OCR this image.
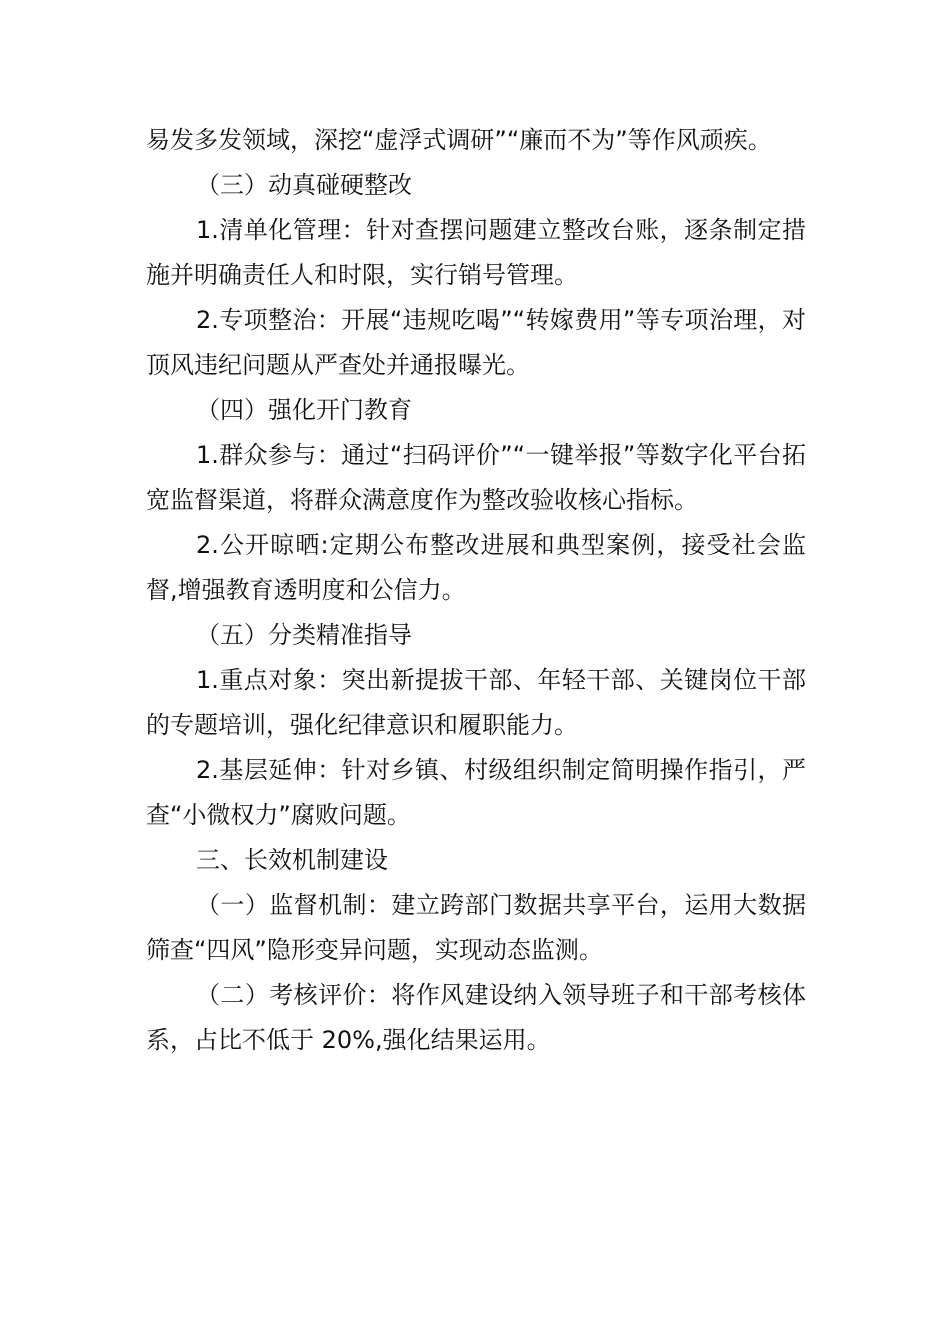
易发多发领域，深挖“虚浮式调研”“廉而不为”等作风顽疾。

（三）动真碰硬整改

1.清单化管理：针对查摆问题建立整改台账，逐条制定措施并明确责任人和时限，实行销号管理。

2.专项整治：开展“违规吃喝”“转嫁费用”等专项治理，对顶风违纪问题从严查处并通报曝光。

（四）强化开门教育

1.群众参与：通过“扫码评价”“一键举报”等数字化平台拓宽监督渠道，将群众满意度作为整改验收核心指标。

2.公开晾晒:定期公布整改进展和典型案例，接受社会监督,增强教育透明度和公信力。

（五）分类精准指导

1.重点对象：突出新提拔干部、年轻干部、关键岗位干部的专题培训，强化纪律意识和履职能力。

2.基层延伸：针对乡镇、村级组织制定简明操作指引，严查“小微权力”腐败问题。

三、长效机制建设

（一）监督机制：建立跨部门数据共享平台，运用大数据筛查“四风”隐形变异问题，实现动态监测。

（二）考核评价：将作风建设纳入领导班子和干部考核体系，占比不低于 20%,强化结果运用。
